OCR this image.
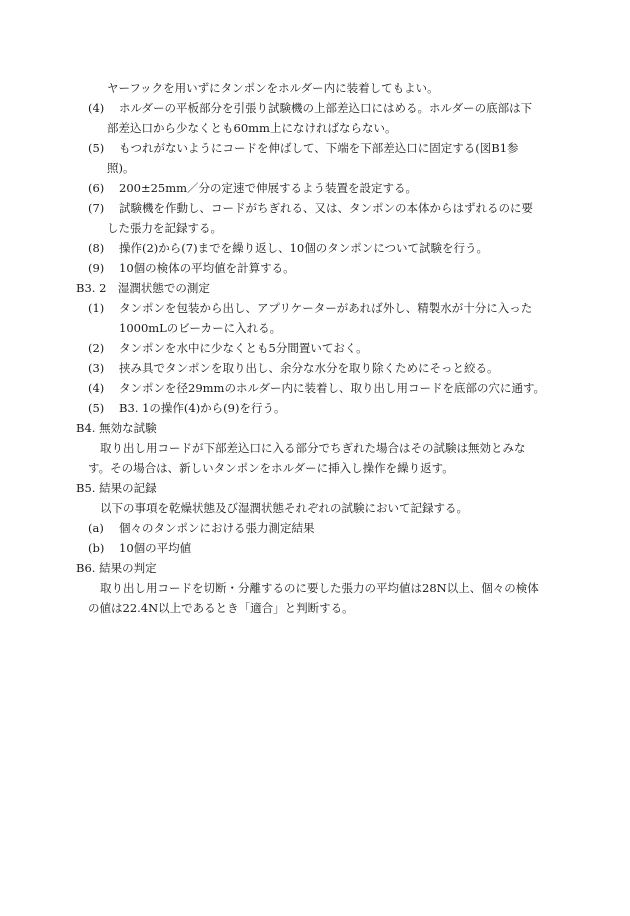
ヤーフックを用いずにタンポンをホルダー内に装着してもよい。

(4) ホルダーの平板部分を引張り試験機の上部差込口にはめる。ホルダーの底部は下

部差込口から少なくとも60mm上になければならない。

(5) もつれがないようにコードを伸ばして、下端を下部差込口に固定する(図B1参

照)。

(6) 200±25mm／分の定速で伸展するよう装置を設定する。

(7) 試験機を作動し、コードがちぎれる、又は、タンポンの本体からはずれるのに要

した張力を記録する。

(8) 操作(2)から(7)までを繰り返し、10個のタンポンについて試験を行う。

(9) 10個の検体の平均値を計算する。

B3. 2　湿潤状態での測定

(1) タンポンを包装から出し、アプリケーターがあれば外し、精製水が十分に入った

1000mLのビーカーに入れる。

(2) タンポンを水中に少なくとも5分間置いておく。

(3) 挟み具でタンポンを取り出し、余分な水分を取り除くためにそっと絞る。

(4) タンポンを径29mmのホルダー内に装着し、取り出し用コードを底部の穴に通す。

(5) B3. 1の操作(4)から(9)を行う。

B4. 無効な試験

取り出し用コードが下部差込口に入る部分でちぎれた場合はその試験は無効とみな

す。その場合は、新しいタンポンをホルダーに挿入し操作を繰り返す。

B5. 結果の記録

以下の事項を乾燥状態及び湿潤状態それぞれの試験において記録する。

(a) 個々のタンポンにおける張力測定結果

(b) 10個の平均値

B6. 結果の判定

取り出し用コードを切断・分離するのに要した張力の平均値は28N以上、個々の検体

の値は22.4N以上であるとき「適合」と判断する。
